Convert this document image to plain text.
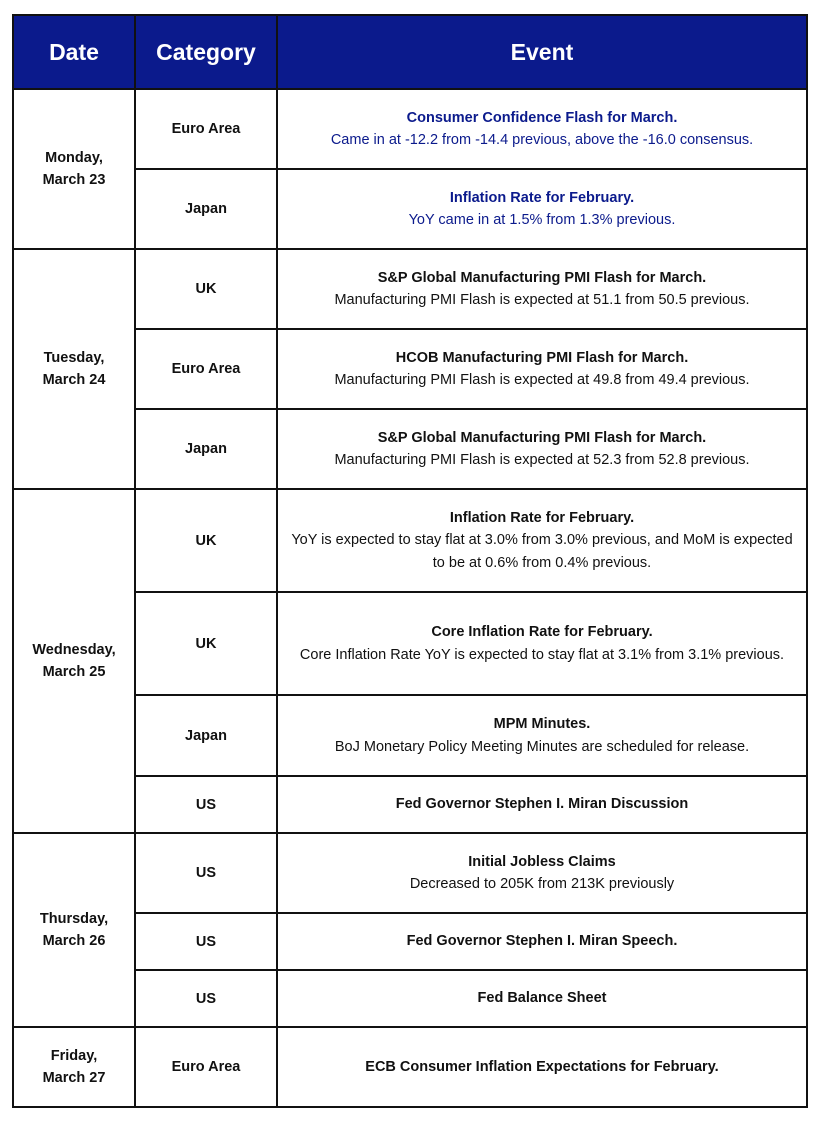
Date	Category	Event

Monday,
March 23	Euro Area	Consumer Confidence Flash for March.
Came in at -12.2 from -14.4 previous, above the -16.0 consensus.

	Japan	Inflation Rate for February.
YoY came in at 1.5% from 1.3% previous.

Tuesday,
March 24	UK	S&P Global Manufacturing PMI Flash for March.
Manufacturing PMI Flash is expected at 51.1 from 50.5 previous.

	Euro Area	HCOB Manufacturing PMI Flash for March.
Manufacturing PMI Flash is expected at 49.8 from 49.4 previous.

	Japan	S&P Global Manufacturing PMI Flash for March.
Manufacturing PMI Flash is expected at 52.3 from 52.8 previous.

Wednesday,
March 25	UK	Inflation Rate for February.
YoY is expected to stay flat at 3.0% from 3.0% previous, and MoM is expected to be at 0.6% from 0.4% previous.

	UK	Core Inflation Rate for February.
Core Inflation Rate YoY is expected to stay flat at 3.1% from 3.1% previous.

	Japan	MPM Minutes.
BoJ Monetary Policy Meeting Minutes are scheduled for release.

	US	Fed Governor Stephen I. Miran Discussion

Thursday,
March 26	US	Initial Jobless Claims
Decreased to 205K from 213K previously

	US	Fed Governor Stephen I. Miran Speech.

	US	Fed Balance Sheet

Friday,
March 27	Euro Area	ECB Consumer Inflation Expectations for February.
